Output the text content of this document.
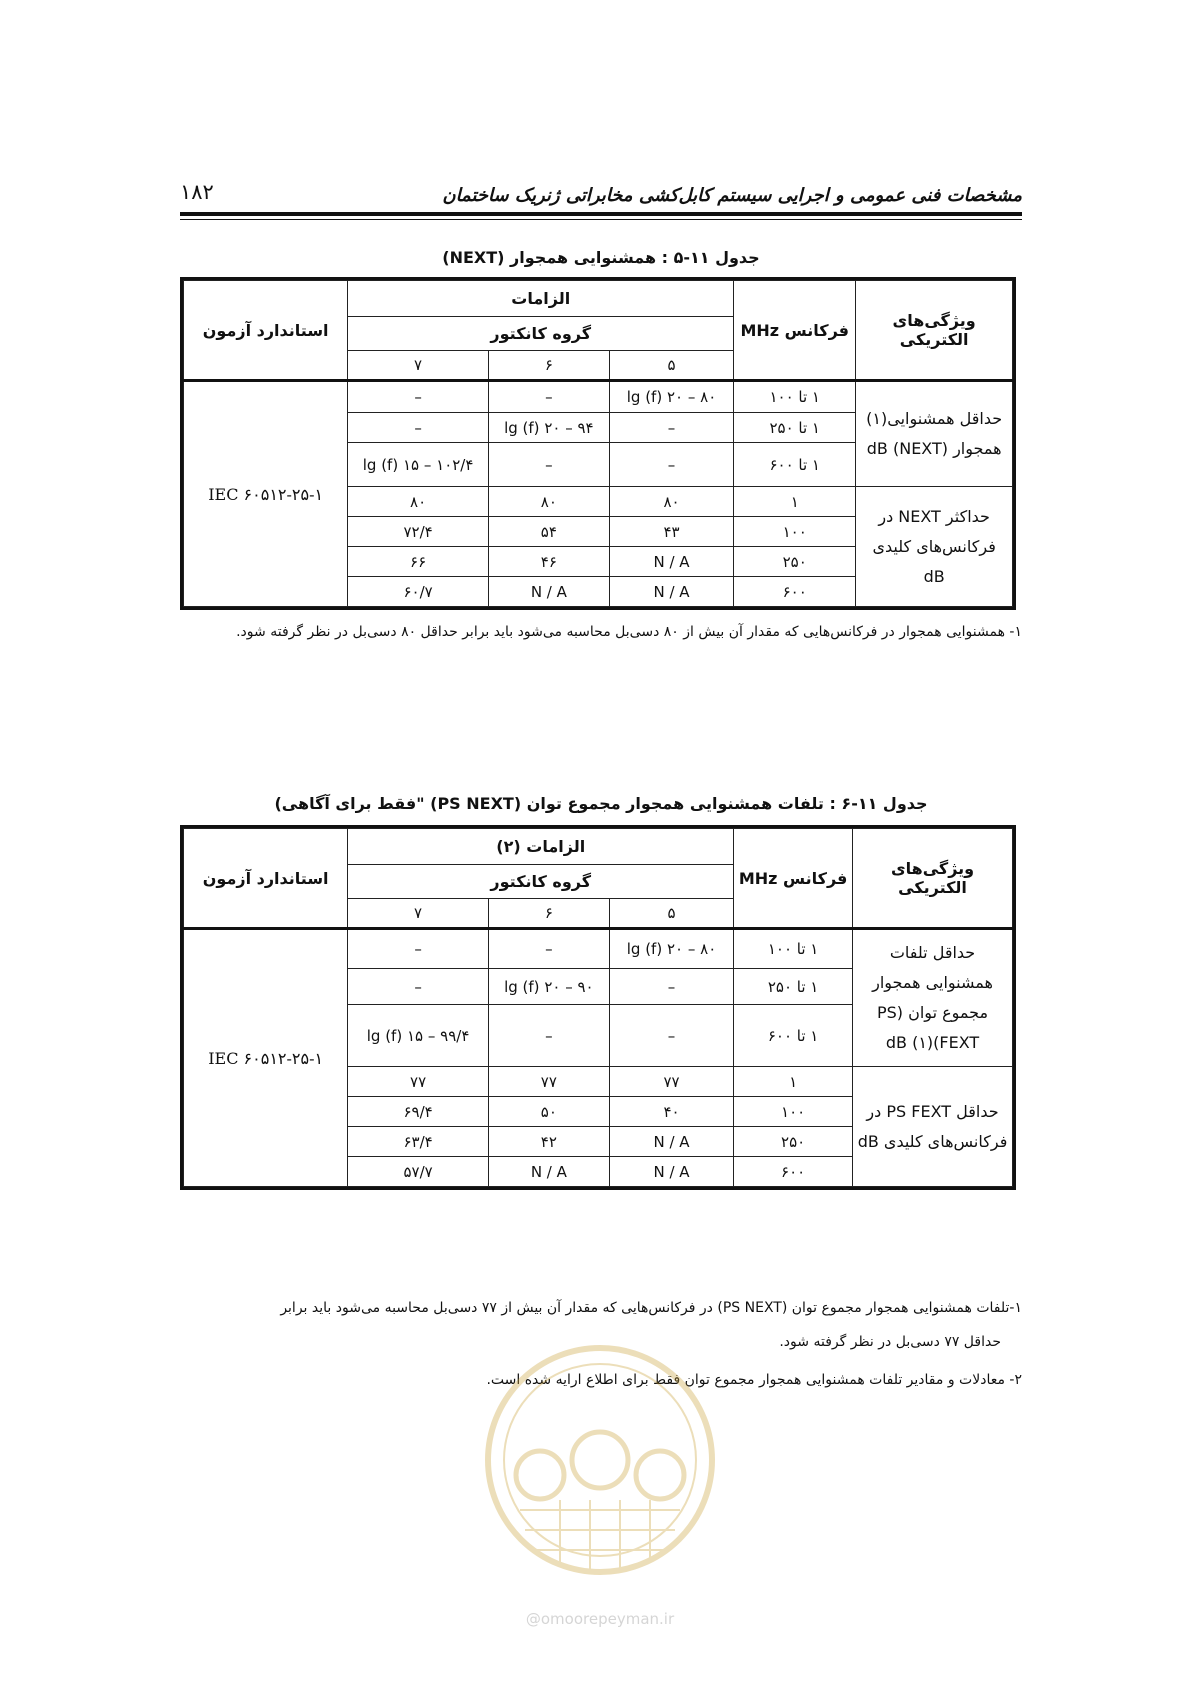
۱۸۲	مشخصات فنی عمومی و اجرایی سیستم کابل‌کشی مخابراتی ژنریک ساختمان
جدول ۱۱-۵ : همشنوایی همجوار (NEXT)
ویژگی‌های الکتریکی	فرکانس MHz	الزامات			استاندارد آزمون
		گروه کانکتور			
		۵	۶	۷	
حداقل همشنوایی(۱) همجوار (NEXT) dB	۱ تا ۱۰۰	۸۰ – ۲۰ lg (f)	–	–	IEC ۶۰۵۱۲-۲۵-۱
	۱ تا ۲۵۰	–	۹۴ – ۲۰ lg (f)	–	
	۱ تا ۶۰۰	–	–	۱۰۲/۴ – ۱۵ lg (f)	
حداکثر NEXT در فرکانس‌های کلیدی dB	۱	۸۰	۸۰	۸۰	
	۱۰۰	۴۳	۵۴	۷۲/۴	
	۲۵۰	N / A	۴۶	۶۶	
	۶۰۰	N / A	N / A	۶۰/۷	
۱- همشنوایی همجوار در فرکانس‌هایی که مقدار آن بیش از ۸۰ دسی‌بل محاسبه می‌شود باید برابر حداقل ۸۰ دسی‌بل در نظر گرفته شود.
جدول ۱۱-۶ : تلفات همشنوایی همجوار مجموع توان (PS NEXT) "فقط برای آگاهی)
ویژگی‌های الکتریکی	فرکانس MHz	الزامات (۲)			استاندارد آزمون
		گروه کانکتور			
		۵	۶	۷	
حداقل تلفات همشنوایی همجوار مجموع توان (PS FEXT)(۱) dB	۱ تا ۱۰۰	۸۰ – ۲۰ lg (f)	–	–	IEC ۶۰۵۱۲-۲۵-۱
	۱ تا ۲۵۰	–	۹۰ – ۲۰ lg (f)	–	
	۱ تا ۶۰۰	–	–	۹۹/۴ – ۱۵ lg (f)	
حداقل PS FEXT در فرکانس‌های کلیدی dB	۱	۷۷	۷۷	۷۷	
	۱۰۰	۴۰	۵۰	۶۹/۴	
	۲۵۰	N / A	۴۲	۶۳/۴	
	۶۰۰	N / A	N / A	۵۷/۷	
۱-تلفات همشنوایی همجوار مجموع توان (PS NEXT) در فرکانس‌هایی که مقدار آن بیش از ۷۷ دسی‌بل محاسبه می‌شود باید برابر
حداقل ۷۷ دسی‌بل در نظر گرفته شود.
۲- معادلات و مقادیر تلفات همشنوایی همجوار مجموع توان فقط برای اطلاع ارایه شده است.
@omoorepeyman.ir
